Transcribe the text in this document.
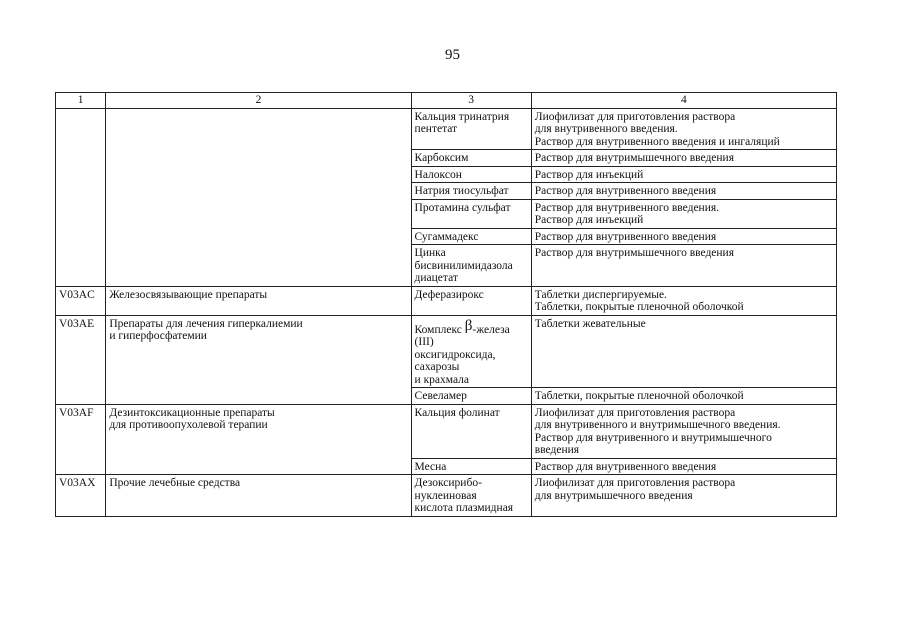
95
1	2	3	4

		Кальция тринатрия
пентетат	Лиофилизат для приготовления раствора
для внутривенного введения.
Раствор для внутривенного введения и ингаляций

		Карбоксим	Раствор для внутримышечного введения

		Налоксон	Раствор для инъекций

		Натрия тиосульфат	Раствор для внутривенного введения

		Протамина сульфат	Раствор для внутривенного введения.
Раствор для инъекций

		Сугаммадекс	Раствор для внутривенного введения

		Цинка
бисвинилимидазола
диацетат	Раствор для внутримышечного введения

V03AC	Железосвязывающие препараты	Деферазирокс	Таблетки диспергируемые.
Таблетки, покрытые пленочной оболочкой

V03AE	Препараты для лечения гиперкалиемии
и гиперфосфатемии	Комплекс β-железа
(III)
оксигидроксида,
сахарозы
и крахмала	Таблетки жевательные

		Севеламер	Таблетки, покрытые пленочной оболочкой

V03AF	Дезинтоксикационные препараты
для противоопухолевой терапии	Кальция фолинат	Лиофилизат для приготовления раствора
для внутривенного и внутримышечного введения.
Раствор для внутривенного и внутримышечного
введения

		Месна	Раствор для внутривенного введения

V03AX	Прочие лечебные средства	Дезоксирибо-
нуклеиновая
кислота плазмидная	Лиофилизат для приготовления раствора
для внутримышечного введения
